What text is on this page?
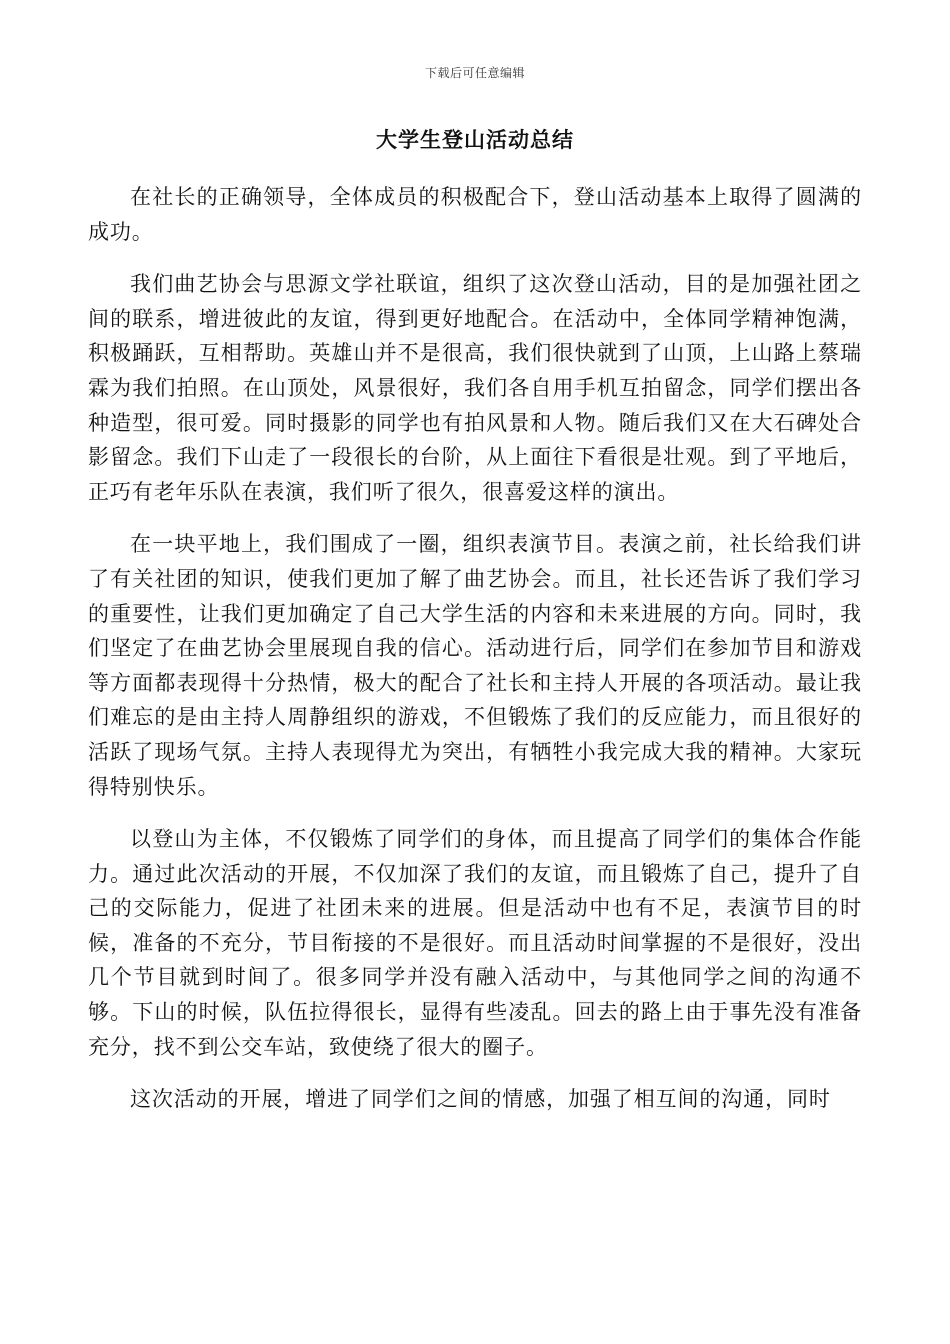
下载后可任意编辑
大学生登山活动总结

在社长的正确领导，全体成员的积极配合下，登山活动基本上取得了圆满的成功。

我们曲艺协会与思源文学社联谊，组织了这次登山活动，目的是加强社团之间的联系，增进彼此的友谊，得到更好地配合。在活动中，全体同学精神饱满，积极踊跃，互相帮助。英雄山并不是很高，我们很快就到了山顶，上山路上蔡瑞霖为我们拍照。在山顶处，风景很好，我们各自用手机互拍留念，同学们摆出各种造型，很可爱。同时摄影的同学也有拍风景和人物。随后我们又在大石碑处合影留念。我们下山走了一段很长的台阶，从上面往下看很是壮观。到了平地后，正巧有老年乐队在表演，我们听了很久，很喜爱这样的演出。

在一块平地上，我们围成了一圈，组织表演节目。表演之前，社长给我们讲了有关社团的知识，使我们更加了解了曲艺协会。而且，社长还告诉了我们学习的重要性，让我们更加确定了自己大学生活的内容和未来进展的方向。同时，我们坚定了在曲艺协会里展现自我的信心。活动进行后，同学们在参加节目和游戏等方面都表现得十分热情，极大的配合了社长和主持人开展的各项活动。最让我们难忘的是由主持人周静组织的游戏，不但锻炼了我们的反应能力，而且很好的活跃了现场气氛。主持人表现得尤为突出，有牺牲小我完成大我的精神。大家玩得特别快乐。

以登山为主体，不仅锻炼了同学们的身体，而且提高了同学们的集体合作能力。通过此次活动的开展，不仅加深了我们的友谊，而且锻炼了自己，提升了自己的交际能力，促进了社团未来的进展。但是活动中也有不足，表演节目的时候，准备的不充分，节目衔接的不是很好。而且活动时间掌握的不是很好，没出几个节目就到时间了。很多同学并没有融入活动中，与其他同学之间的沟通不够。下山的时候，队伍拉得很长，显得有些凌乱。回去的路上由于事先没有准备充分，找不到公交车站，致使绕了很大的圈子。

这次活动的开展，增进了同学们之间的情感，加强了相互间的沟通，同时
